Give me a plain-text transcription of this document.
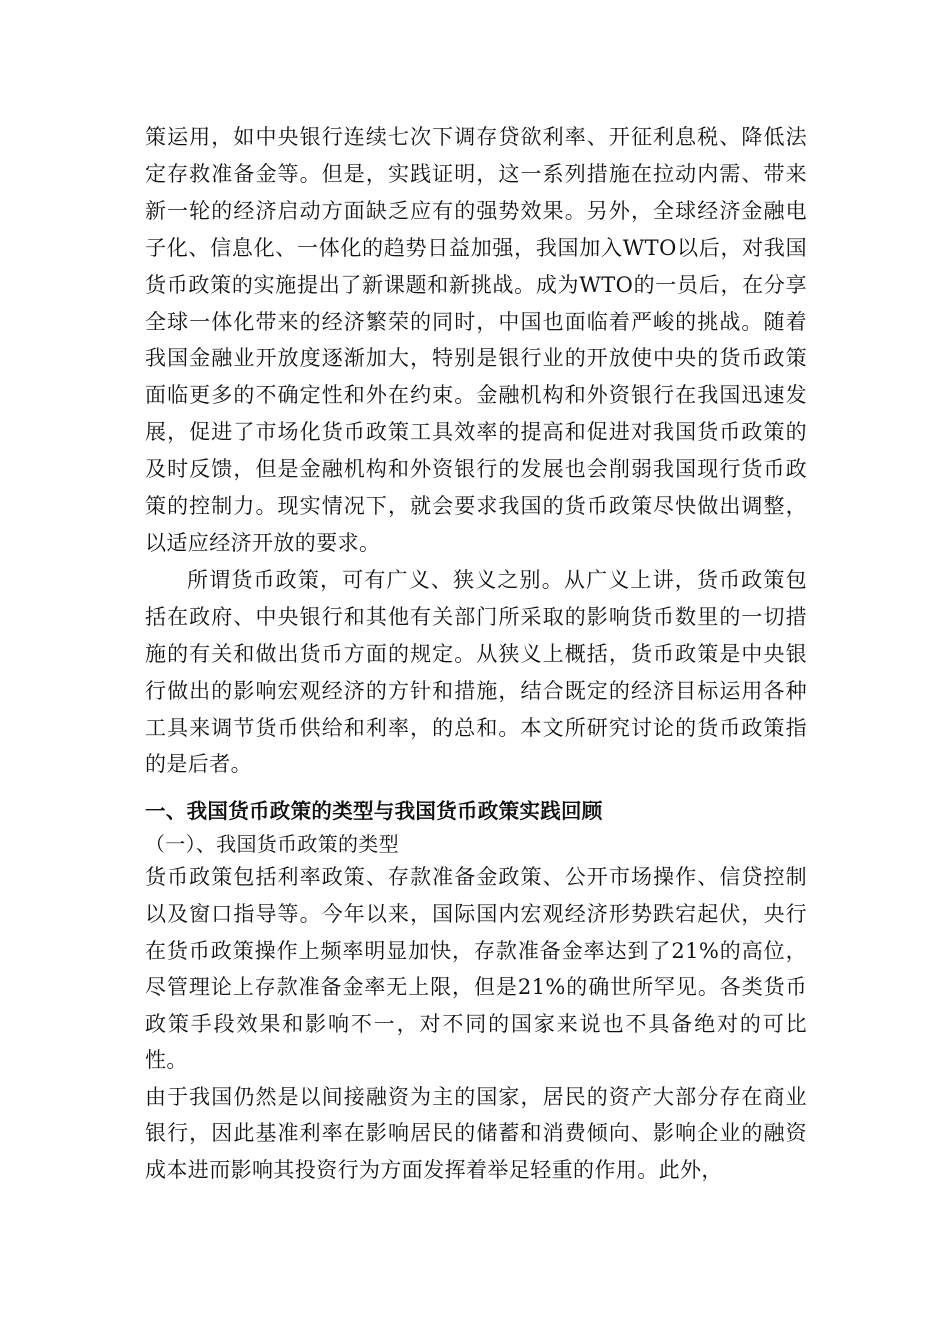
策运用，如中央银行连续七次下调存贷欲利率、开征利息税、降低法定存救准备金等。但是，实践证明，这一系列措施在拉动内需、带来新一轮的经济启动方面缺乏应有的强势效果。另外，全球经济金融电子化、信息化、一体化的趋势日益加强，我国加入WTO以后，对我国货币政策的实施提出了新课题和新挑战。成为WTO的一员后，在分享全球一体化带来的经济繁荣的同时，中国也面临着严峻的挑战。随着我国金融业开放度逐渐加大，特别是银行业的开放使中央的货币政策面临更多的不确定性和外在约束。金融机构和外资银行在我国迅速发展，促进了市场化货币政策工具效率的提高和促进对我国货币政策的及时反馈，但是金融机构和外资银行的发展也会削弱我国现行货币政策的控制力。现实情况下，就会要求我国的货币政策尽快做出调整，以适应经济开放的要求。

所谓货币政策，可有广义、狭义之别。从广义上讲，货币政策包括在政府、中央银行和其他有关部门所采取的影响货币数里的一切措施的有关和做出货币方面的规定。从狭义上概括，货币政策是中央银行做出的影响宏观经济的方针和措施，结合既定的经济目标运用各种工具来调节货币供给和利率，的总和。本文所研究讨论的货币政策指的是后者。

一、我国货币政策的类型与我国货币政策实践回顾

（一）、我国货币政策的类型

货币政策包括利率政策、存款准备金政策、公开市场操作、信贷控制以及窗口指导等。今年以来，国际国内宏观经济形势跌宕起伏，央行在货币政策操作上频率明显加快，存款准备金率达到了21%的高位，尽管理论上存款准备金率无上限，但是21%的确世所罕见。各类货币政策手段效果和影响不一，对不同的国家来说也不具备绝对的可比性。

由于我国仍然是以间接融资为主的国家，居民的资产大部分存在商业银行，因此基准利率在影响居民的储蓄和消费倾向、影响企业的融资成本进而影响其投资行为方面发挥着举足轻重的作用。此外，
